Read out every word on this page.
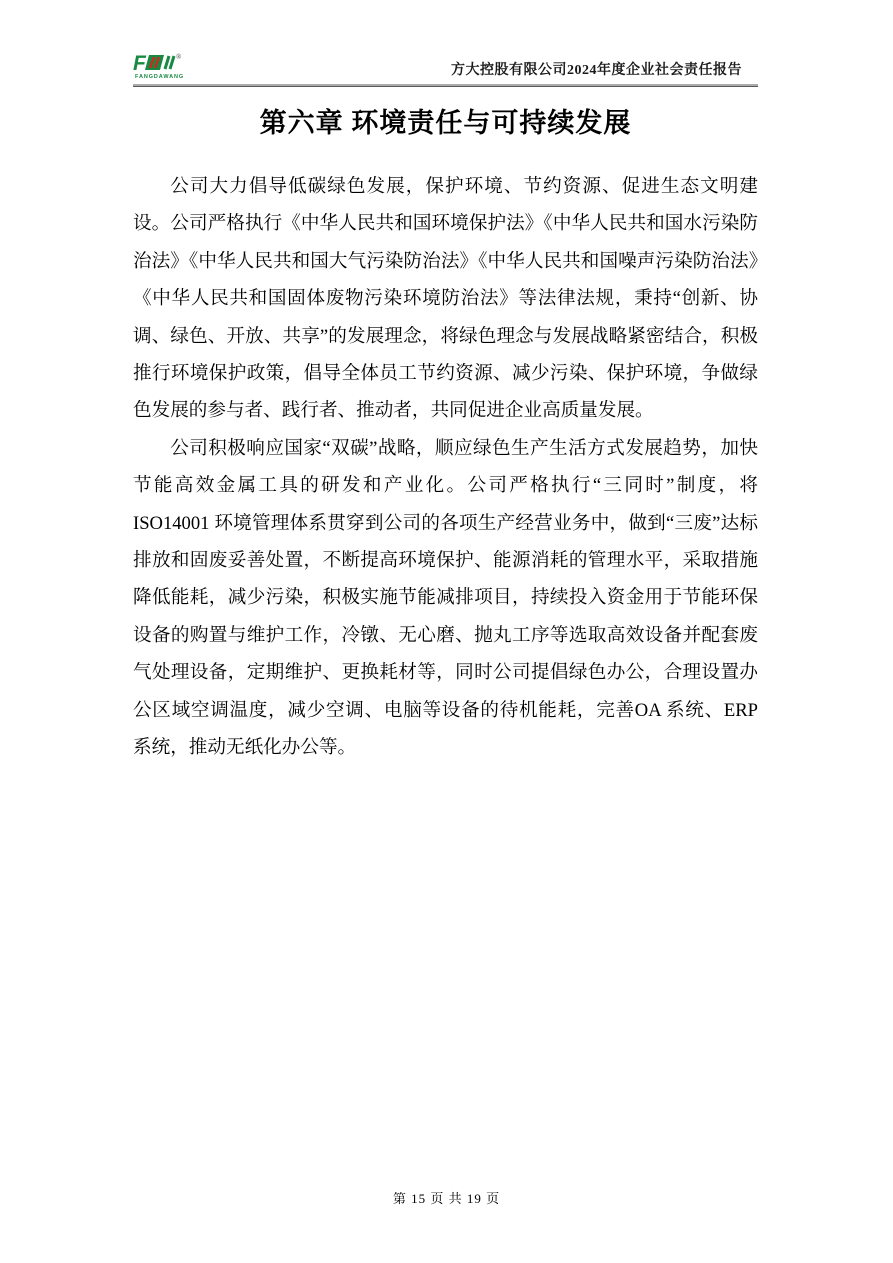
F	®
FANGDAWANG	方大控股有限公司2024年度企业社会责任报告
第六章 环境责任与可持续发展

公司大力倡导低碳绿色发展，保护环境、节约资源、促进生态文明建设。公司严格执行《中华人民共和国环境保护法》《中华人民共和国水污染防治法》《中华人民共和国大气污染防治法》《中华人民共和国噪声污染防治法》《中华人民共和国固体废物污染环境防治法》等法律法规，秉持“创新、协调、绿色、开放、共享”的发展理念，将绿色理念与发展战略紧密结合，积极推行环境保护政策，倡导全体员工节约资源、减少污染、保护环境，争做绿色发展的参与者、践行者、推动者，共同促进企业高质量发展。

公司积极响应国家“双碳”战略，顺应绿色生产生活方式发展趋势，加快节能高效金属工具的研发和产业化。公司严格执行“三同时”制度，将 ISO14001 环境管理体系贯穿到公司的各项生产经营业务中，做到“三废”达标排放和固废妥善处置，不断提高环境保护、能源消耗的管理水平，采取措施降低能耗，减少污染，积极实施节能减排项目，持续投入资金用于节能环保设备的购置与维护工作，冷镦、无心磨、抛丸工序等选取高效设备并配套废气处理设备，定期维护、更换耗材等，同时公司提倡绿色办公，合理设置办公区域空调温度，减少空调、电脑等设备的待机能耗，完善OA 系统、ERP 系统，推动无纸化办公等。

第 15 页 共 19 页
